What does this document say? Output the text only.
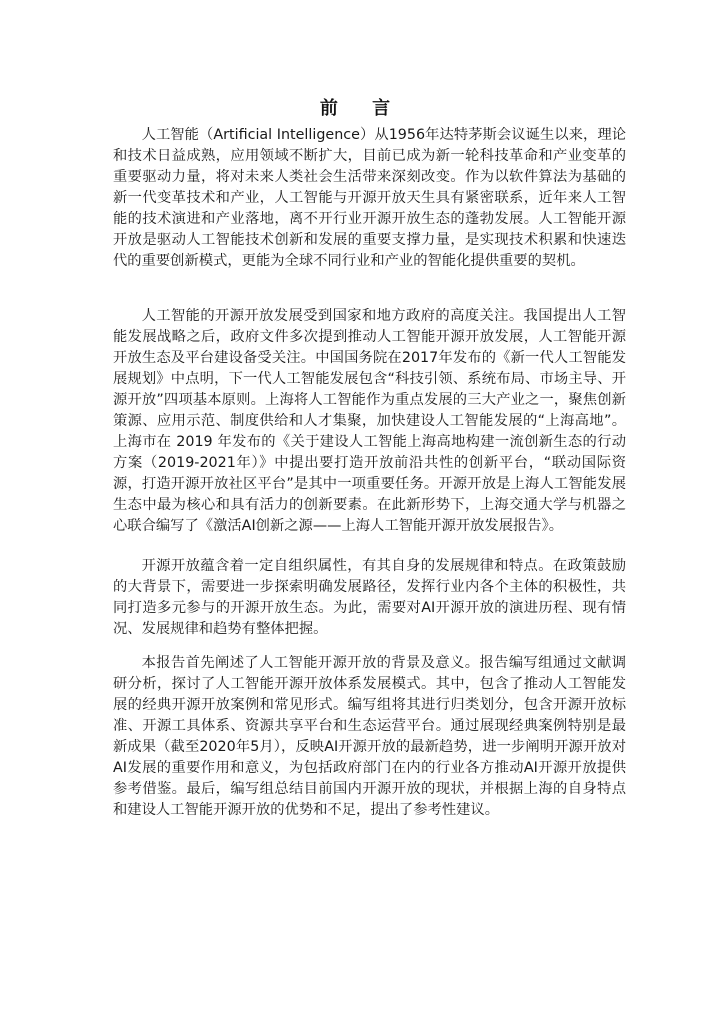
前 言

人工智能（Artificial Intelligence）从1956年达特茅斯会议诞生以来，理论和技术日益成熟，应用领域不断扩大，目前已成为新一轮科技革命和产业变革的重要驱动力量，将对未来人类社会生活带来深刻改变。作为以软件算法为基础的新一代变革技术和产业，人工智能与开源开放天生具有紧密联系，近年来人工智能的技术演进和产业落地，离不开行业开源开放生态的蓬勃发展。人工智能开源开放是驱动人工智能技术创新和发展的重要支撑力量，是实现技术积累和快速迭代的重要创新模式，更能为全球不同行业和产业的智能化提供重要的契机。

人工智能的开源开放发展受到国家和地方政府的高度关注。我国提出人工智能发展战略之后，政府文件多次提到推动人工智能开源开放发展，人工智能开源开放生态及平台建设备受关注。中国国务院在2017年发布的《新一代人工智能发展规划》中点明，下一代人工智能发展包含“科技引领、系统布局、市场主导、开源开放”四项基本原则。上海将人工智能作为重点发展的三大产业之一，聚焦创新策源、应用示范、制度供给和人才集聚，加快建设人工智能发展的“上海高地”。上海市在 2019 年发布的《关于建设人工智能上海高地构建一流创新生态的行动方案（2019-2021年）》中提出要打造开放前沿共性的创新平台，“联动国际资源，打造开源开放社区平台”是其中一项重要任务。开源开放是上海人工智能发展生态中最为核心和具有活力的创新要素。在此新形势下，上海交通大学与机器之心联合编写了《激活AI创新之源——上海人工智能开源开放发展报告》。

开源开放蕴含着一定自组织属性，有其自身的发展规律和特点。在政策鼓励的大背景下，需要进一步探索明确发展路径，发挥行业内各个主体的积极性，共同打造多元参与的开源开放生态。为此，需要对AI开源开放的演进历程、现有情况、发展规律和趋势有整体把握。

本报告首先阐述了人工智能开源开放的背景及意义。报告编写组通过文献调研分析，探讨了人工智能开源开放体系发展模式。其中，包含了推动人工智能发展的经典开源开放案例和常见形式。编写组将其进行归类划分，包含开源开放标准、开源工具体系、资源共享平台和生态运营平台。通过展现经典案例特别是最新成果（截至2020年5月），反映AI开源开放的最新趋势，进一步阐明开源开放对AI发展的重要作用和意义，为包括政府部门在内的行业各方推动AI开源开放提供参考借鉴。最后，编写组总结目前国内开源开放的现状，并根据上海的自身特点和建设人工智能开源开放的优势和不足，提出了参考性建议。
